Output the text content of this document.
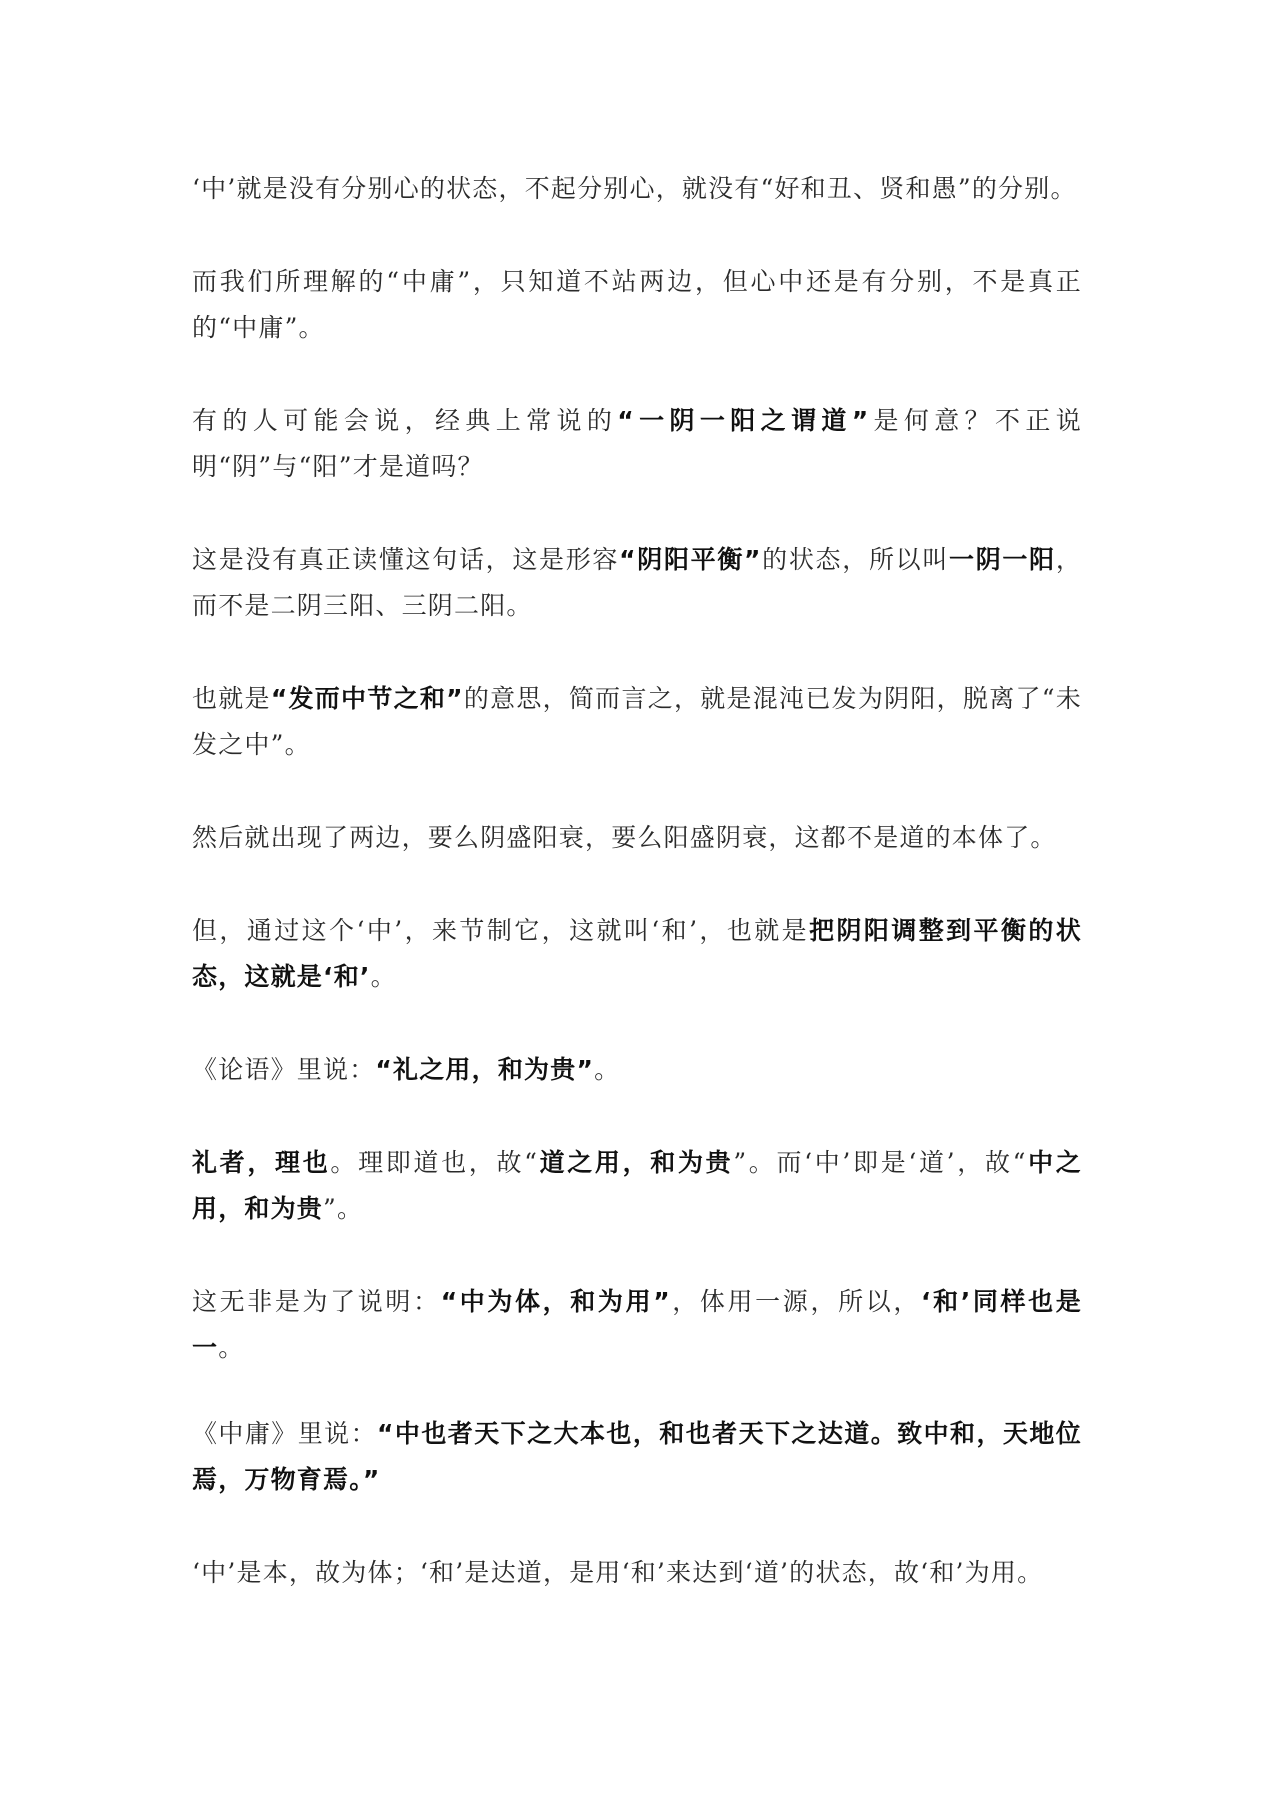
‘中’就是没有分别心的状态，不起分别心，就没有“好和丑、贤和愚”的分别。

而我们所理解的“中庸”，只知道不站两边，但心中还是有分别，不是真正的“中庸”。

有的人可能会说，经典上常说的“一阴一阳之谓道”是何意？不正说明“阴”与“阳”才是道吗？

这是没有真正读懂这句话，这是形容“阴阳平衡”的状态，所以叫一阴一阳，而不是二阴三阳、三阴二阳。

也就是“发而中节之和”的意思，简而言之，就是混沌已发为阴阳，脱离了“未发之中”。

然后就出现了两边，要么阴盛阳衰，要么阳盛阴衰，这都不是道的本体了。

但，通过这个‘中’，来节制它，这就叫‘和’，也就是把阴阳调整到平衡的状态，这就是‘和’。

《论语》里说：“礼之用，和为贵”。

礼者，理也。理即道也，故“道之用，和为贵”。而‘中’即是‘道’，故“中之用，和为贵”。

这无非是为了说明：“中为体，和为用”，体用一源，所以，‘和’同样也是一。

《中庸》里说：“中也者天下之大本也，和也者天下之达道。致中和，天地位焉，万物育焉。”

‘中’是本，故为体；‘和’是达道，是用‘和’来达到‘道’的状态，故‘和’为用。
